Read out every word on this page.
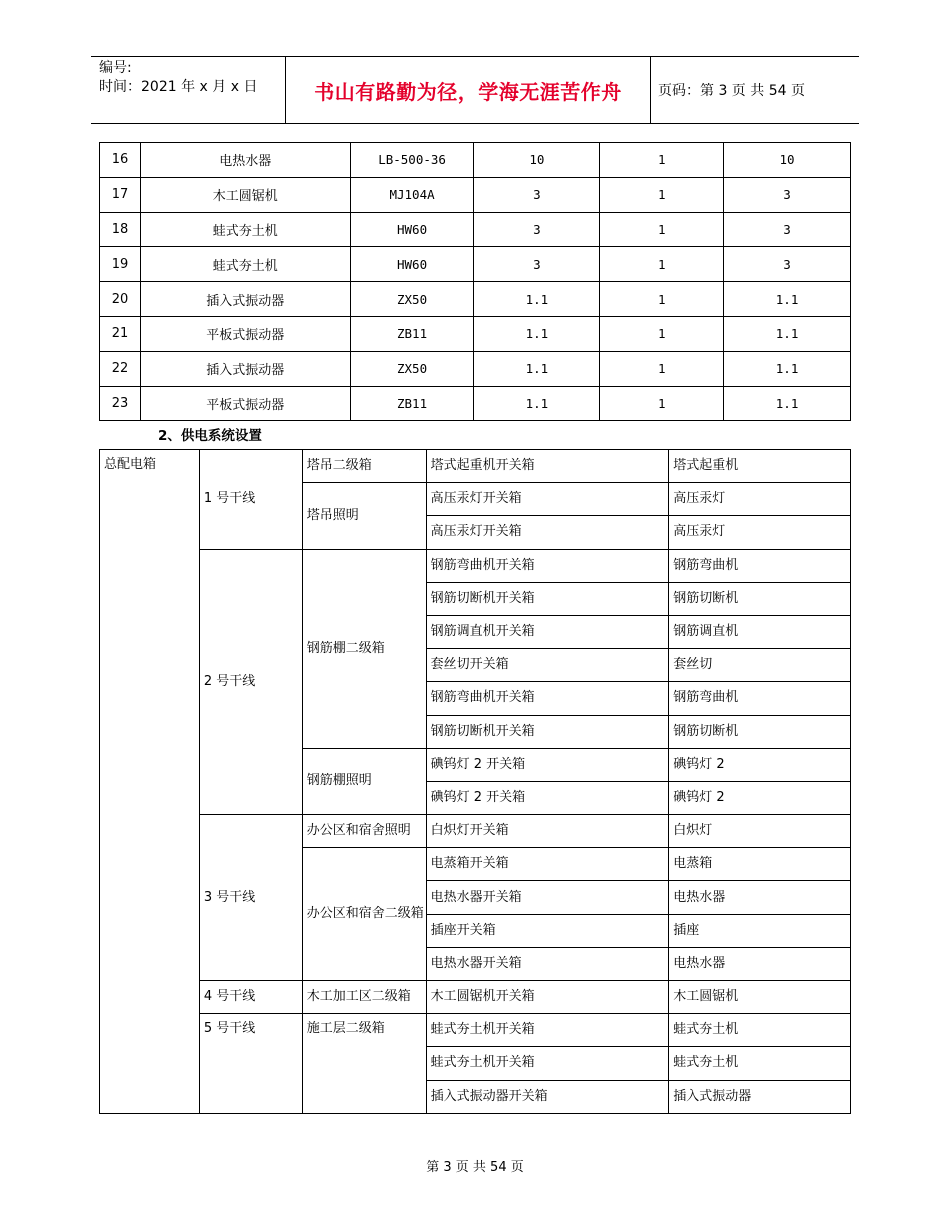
编号:
时间：2021 年 x 月 x 日	书山有路勤为径，学海无涯苦作舟	页码：第 3 页 共 54 页
16	电热水器	LB-500-36	10	1	10
17	木工圆锯机	MJ104A	3	1	3
18	蛙式夯土机	HW60	3	1	3
19	蛙式夯土机	HW60	3	1	3
20	插入式振动器	ZX50	1.1	1	1.1
21	平板式振动器	ZB11	1.1	1	1.1
22	插入式振动器	ZX50	1.1	1	1.1
23	平板式振动器	ZB11	1.1	1	1.1
2、供电系统设置
总配电箱	1 号干线	塔吊二级箱	塔式起重机开关箱	塔式起重机
		塔吊照明	高压汞灯开关箱	高压汞灯
			高压汞灯开关箱	高压汞灯
	2 号干线	钢筋棚二级箱	钢筋弯曲机开关箱	钢筋弯曲机
			钢筋切断机开关箱	钢筋切断机
			钢筋调直机开关箱	钢筋调直机
			套丝切开关箱	套丝切
			钢筋弯曲机开关箱	钢筋弯曲机
			钢筋切断机开关箱	钢筋切断机
		钢筋棚照明	碘钨灯 2 开关箱	碘钨灯 2
			碘钨灯 2 开关箱	碘钨灯 2
	3 号干线	办公区和宿舍照明	白炽灯开关箱	白炽灯
		办公区和宿舍二级箱	电蒸箱开关箱	电蒸箱
			电热水器开关箱	电热水器
			插座开关箱	插座
			电热水器开关箱	电热水器
	4 号干线	木工加工区二级箱	木工圆锯机开关箱	木工圆锯机
	5 号干线	施工层二级箱	蛙式夯土机开关箱	蛙式夯土机
			蛙式夯土机开关箱	蛙式夯土机
			插入式振动器开关箱	插入式振动器
第 3 页 共 54 页
